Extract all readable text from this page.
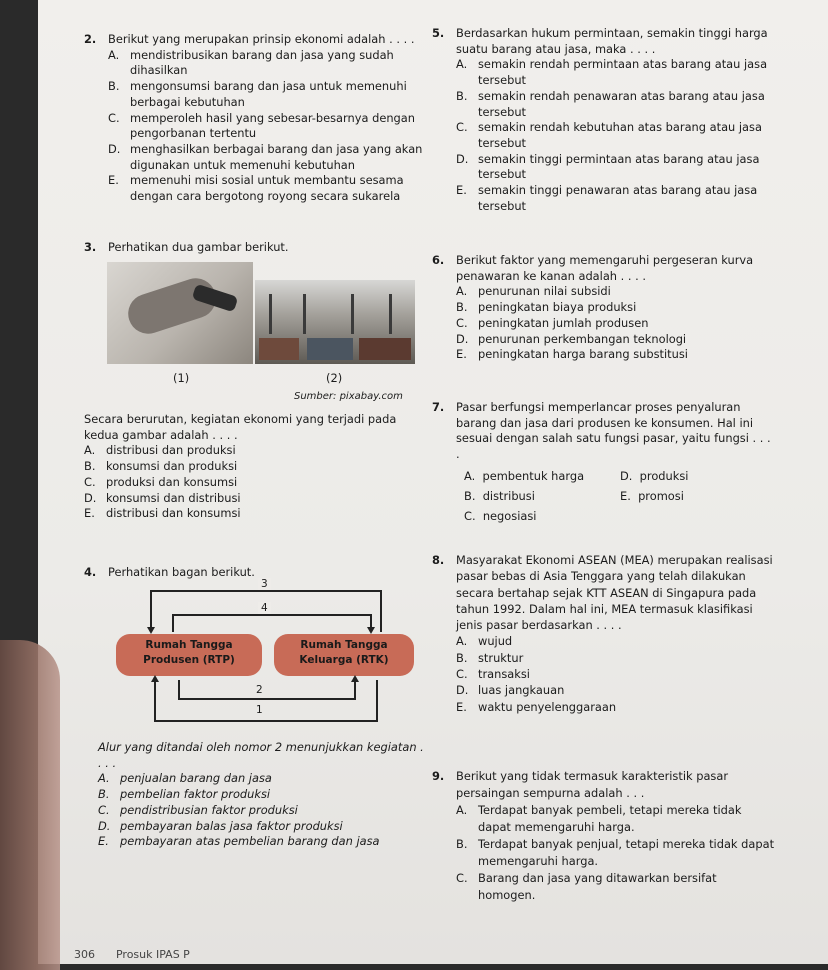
2. Berikut yang merupakan prinsip ekonomi adalah . . . .
A. mendistribusikan barang dan jasa yang sudah dihasilkan
B. mengonsumsi barang dan jasa untuk memenuhi berbagai kebutuhan
C. memperoleh hasil yang sebesar-besarnya dengan pengorbanan tertentu
D. menghasilkan berbagai barang dan jasa yang akan digunakan untuk memenuhi kebutuhan
E. memenuhi misi sosial untuk membantu sesama dengan cara bergotong royong secara sukarela
5. Berdasarkan hukum permintaan, semakin tinggi harga suatu barang atau jasa, maka . . . .
A. semakin rendah permintaan atas barang atau jasa tersebut
B. semakin rendah penawaran atas barang atau jasa tersebut
C. semakin rendah kebutuhan atas barang atau jasa tersebut
D. semakin tinggi permintaan atas barang atau jasa tersebut
E. semakin tinggi penawaran atas barang atau jasa tersebut
3. Perhatikan dua gambar berikut.
(1)	(2)
Sumber: pixabay.com
Secara berurutan, kegiatan ekonomi yang terjadi pada kedua gambar adalah . . . .
A. distribusi dan produksi
B. konsumsi dan produksi
C. produksi dan konsumsi
D. konsumsi dan distribusi
E. distribusi dan konsumsi
6. Berikut faktor yang memengaruhi pergeseran kurva penawaran ke kanan adalah . . . .
A. penurunan nilai subsidi
B. peningkatan biaya produksi
C. peningkatan jumlah produsen
D. penurunan perkembangan teknologi
E. peningkatan harga barang substitusi
7. Pasar berfungsi memperlancar proses penyaluran barang dan jasa dari produsen ke konsumen. Hal ini sesuai dengan salah satu fungsi pasar, yaitu fungsi . . . .
A. pembentuk harga	D. produksi
B. distribusi	E. promosi
C. negosiasi
4. Perhatikan bagan berikut.
3
4
Rumah Tangga Produsen (RTP)
Rumah Tangga Keluarga (RTK)
2
1
Alur yang ditandai oleh nomor 2 menunjukkan kegiatan . . . .
A. penjualan barang dan jasa
B. pembelian faktor produksi
C. pendistribusian faktor produksi
D. pembayaran balas jasa faktor produksi
E. pembayaran atas pembelian barang dan jasa
8. Masyarakat Ekonomi ASEAN (MEA) merupakan realisasi pasar bebas di Asia Tenggara yang telah dilakukan secara bertahap sejak KTT ASEAN di Singapura pada tahun 1992. Dalam hal ini, MEA termasuk klasifikasi jenis pasar berdasarkan . . . .
A. wujud
B. struktur
C. transaksi
D. luas jangkauan
E. waktu penyelenggaraan
9. Berikut yang tidak termasuk karakteristik pasar persaingan sempurna adalah . . .
A. Terdapat banyak pembeli, tetapi mereka tidak dapat memengaruhi harga.
B. Terdapat banyak penjual, tetapi mereka tidak dapat memengaruhi harga.
C. Barang dan jasa yang ditawarkan bersifat homogen.
306 Prosuk IPAS P
